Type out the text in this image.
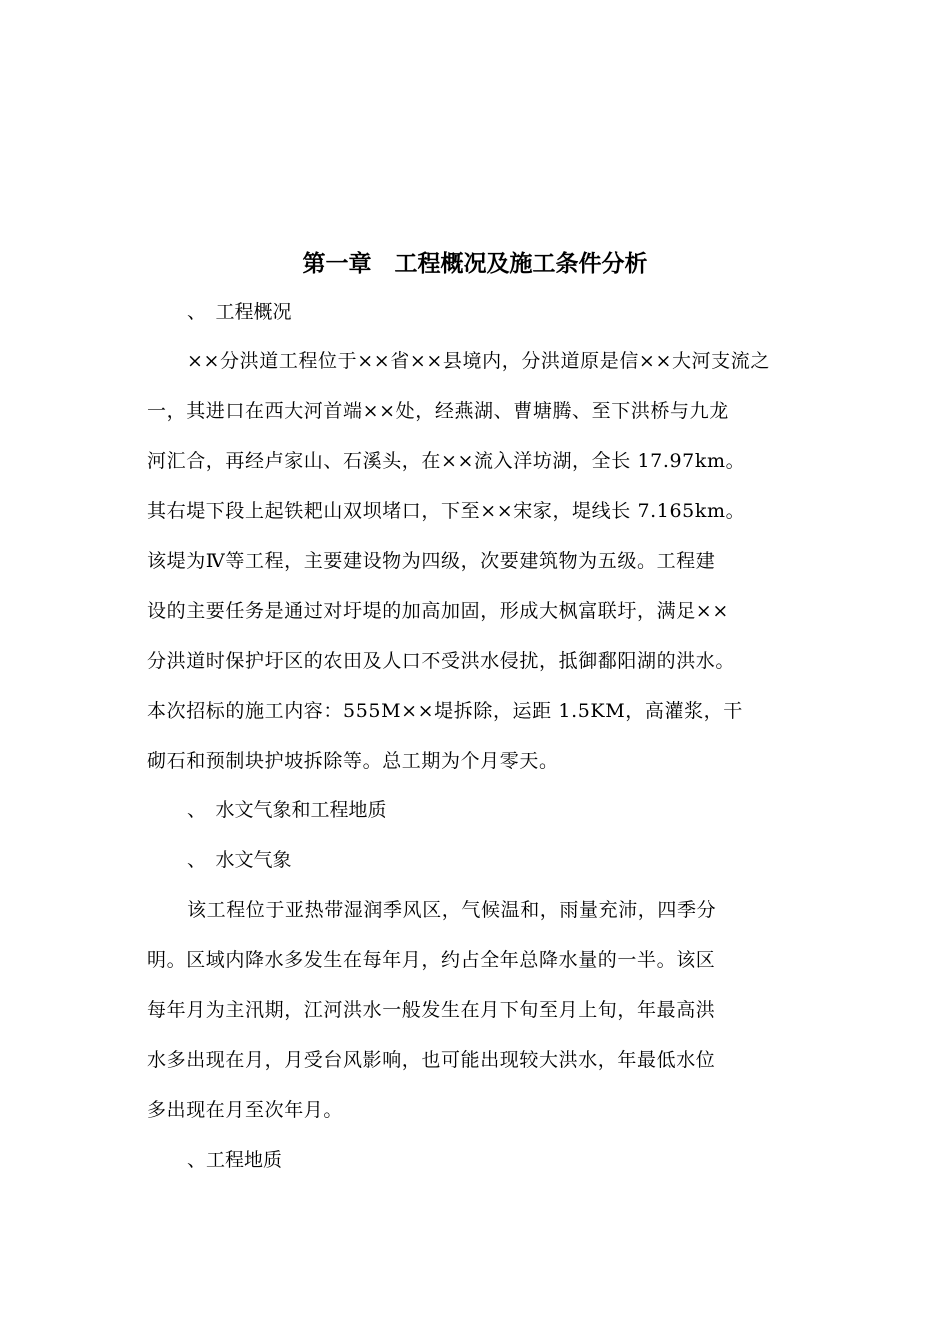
第一章　工程概况及施工条件分析
、　工程概况
××分洪道工程位于××省××县境内，分洪道原是信××大河支流之
一，其进口在西大河首端××处，经燕湖、曹塘腾、至下洪桥与九龙
河汇合，再经卢家山、石溪头，在××流入洋坊湖，全长 17.97km。
其右堤下段上起铁耙山双坝堵口，下至××宋家，堤线长 7.165km。
该堤为Ⅳ等工程，主要建设物为四级，次要建筑物为五级。工程建
设的主要任务是通过对圩堤的加高加固，形成大枫富联圩，满足××
分洪道时保护圩区的农田及人口不受洪水侵扰，抵御鄱阳湖的洪水。
本次招标的施工内容：555M××堤拆除，运距 1.5KM，高灌浆，干
砌石和预制块护坡拆除等。总工期为个月零天。
、　水文气象和工程地质
、　水文气象
该工程位于亚热带湿润季风区，气候温和，雨量充沛，四季分
明。区域内降水多发生在每年月，约占全年总降水量的一半。该区
每年月为主汛期，江河洪水一般发生在月下旬至月上旬，年最高洪
水多出现在月，月受台风影响，也可能出现较大洪水，年最低水位
多出现在月至次年月。
、工程地质
